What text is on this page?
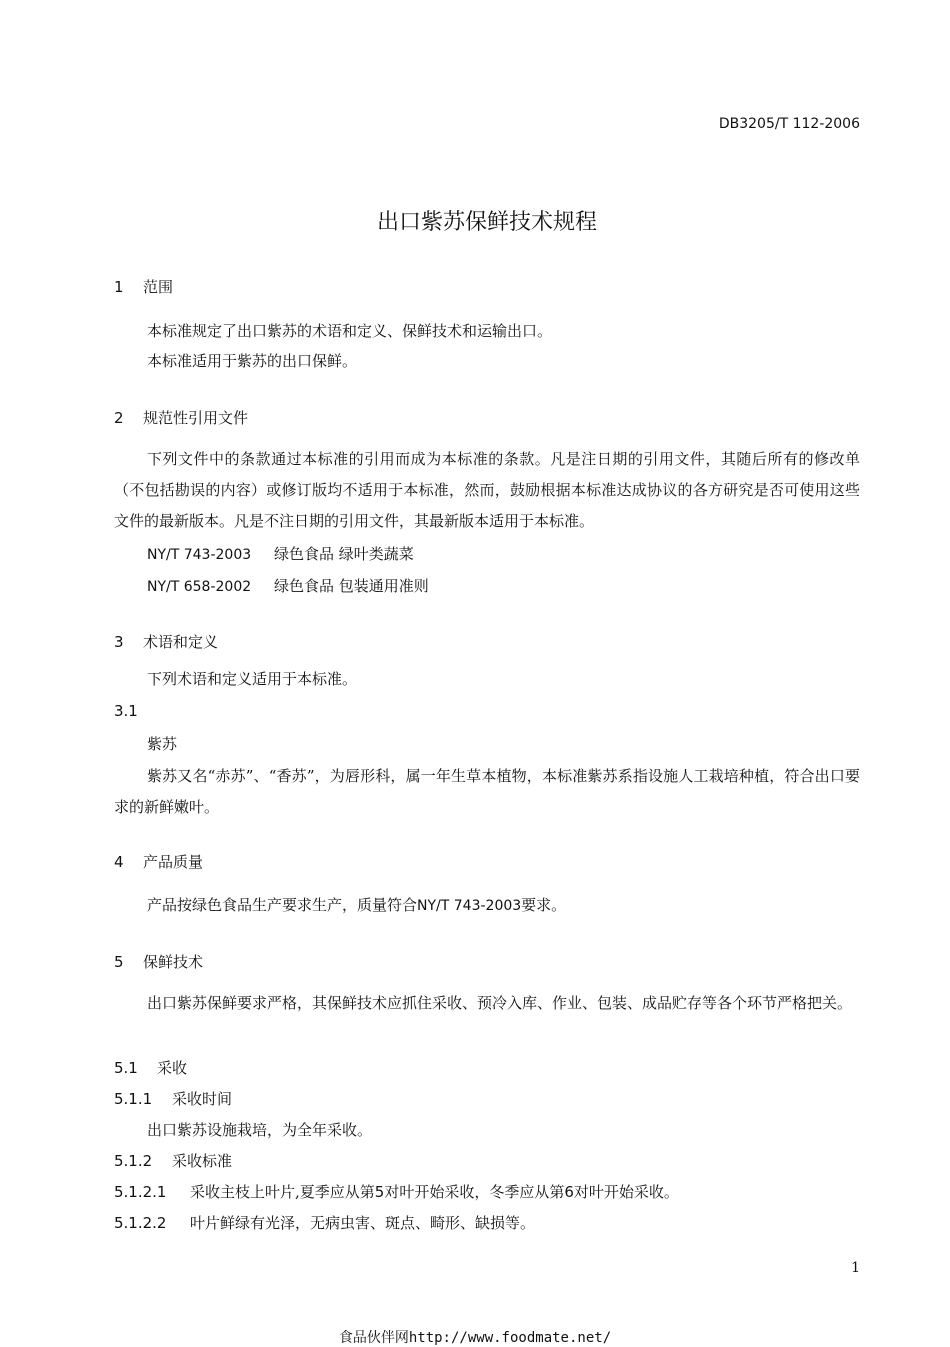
DB3205/T 112-2006
出口紫苏保鲜技术规程
1 范围
本标准规定了出口紫苏的术语和定义、保鲜技术和运输出口。
本标准适用于紫苏的出口保鲜。
2 规范性引用文件
下列文件中的条款通过本标准的引用而成为本标准的条款。凡是注日期的引用文件，其随后所有的修改单（不包括勘误的内容）或修订版均不适用于本标准，然而，鼓励根据本标准达成协议的各方研究是否可使用这些文件的最新版本。凡是不注日期的引用文件，其最新版本适用于本标准。
NY/T 743-2003 绿色食品 绿叶类蔬菜
NY/T 658-2002 绿色食品 包装通用准则
3 术语和定义
下列术语和定义适用于本标准。
3.1
紫苏
紫苏又名“赤苏”、“香苏”，为唇形科，属一年生草本植物，本标准紫苏系指设施人工栽培种植，符合出口要求的新鲜嫩叶。
4 产品质量
产品按绿色食品生产要求生产，质量符合NY/T 743-2003要求。
5 保鲜技术
出口紫苏保鲜要求严格，其保鲜技术应抓住采收、预冷入库、作业、包装、成品贮存等各个环节严格把关。
5.1 采收
5.1.1 采收时间
出口紫苏设施栽培，为全年采收。
5.1.2 采收标准
5.1.2.1 采收主枝上叶片,夏季应从第5对叶开始采收，冬季应从第6对叶开始采收。
5.1.2.2 叶片鲜绿有光泽，无病虫害、斑点、畸形、缺损等。
1
食品伙伴网http://www.foodmate.net/
